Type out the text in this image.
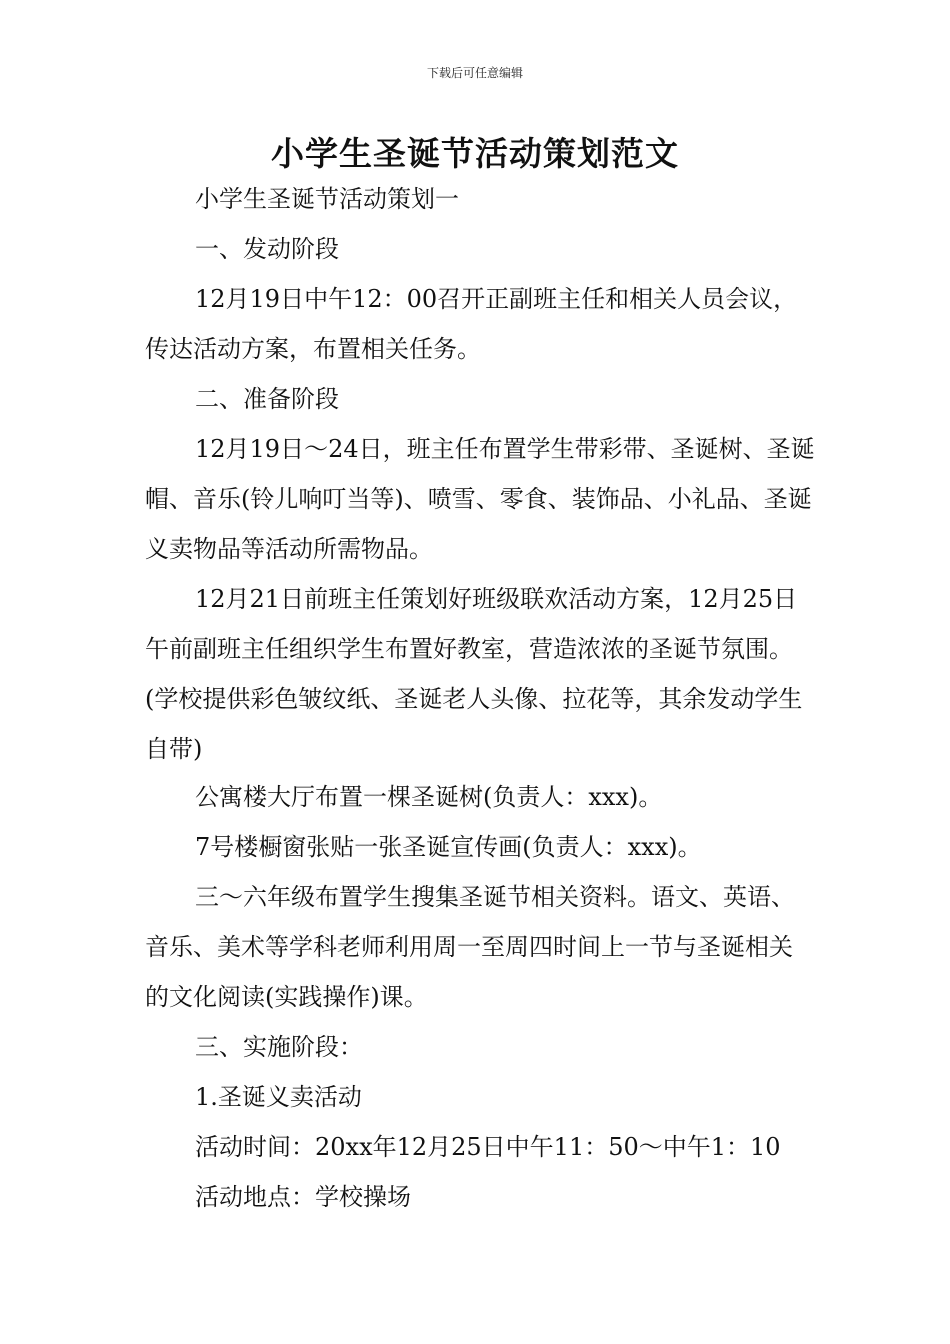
下载后可任意编辑
小学生圣诞节活动策划范文
小学生圣诞节活动策划一
一、发动阶段
12月19日中午12：00召开正副班主任和相关人员会议，传达活动方案，布置相关任务。
二、准备阶段
12月19日～24日，班主任布置学生带彩带、圣诞树、圣诞帽、音乐(铃儿响叮当等)、喷雪、零食、装饰品、小礼品、圣诞义卖物品等活动所需物品。
12月21日前班主任策划好班级联欢活动方案，12月25日午前副班主任组织学生布置好教室，营造浓浓的圣诞节氛围。(学校提供彩色皱纹纸、圣诞老人头像、拉花等，其余发动学生自带)
公寓楼大厅布置一棵圣诞树(负责人：xxx)。
7号楼橱窗张贴一张圣诞宣传画(负责人：xxx)。
三～六年级布置学生搜集圣诞节相关资料。语文、英语、音乐、美术等学科老师利用周一至周四时间上一节与圣诞相关的文化阅读(实践操作)课。
三、实施阶段：
1.圣诞义卖活动
活动时间：20xx年12月25日中午11：50～中午1：10
活动地点：学校操场
